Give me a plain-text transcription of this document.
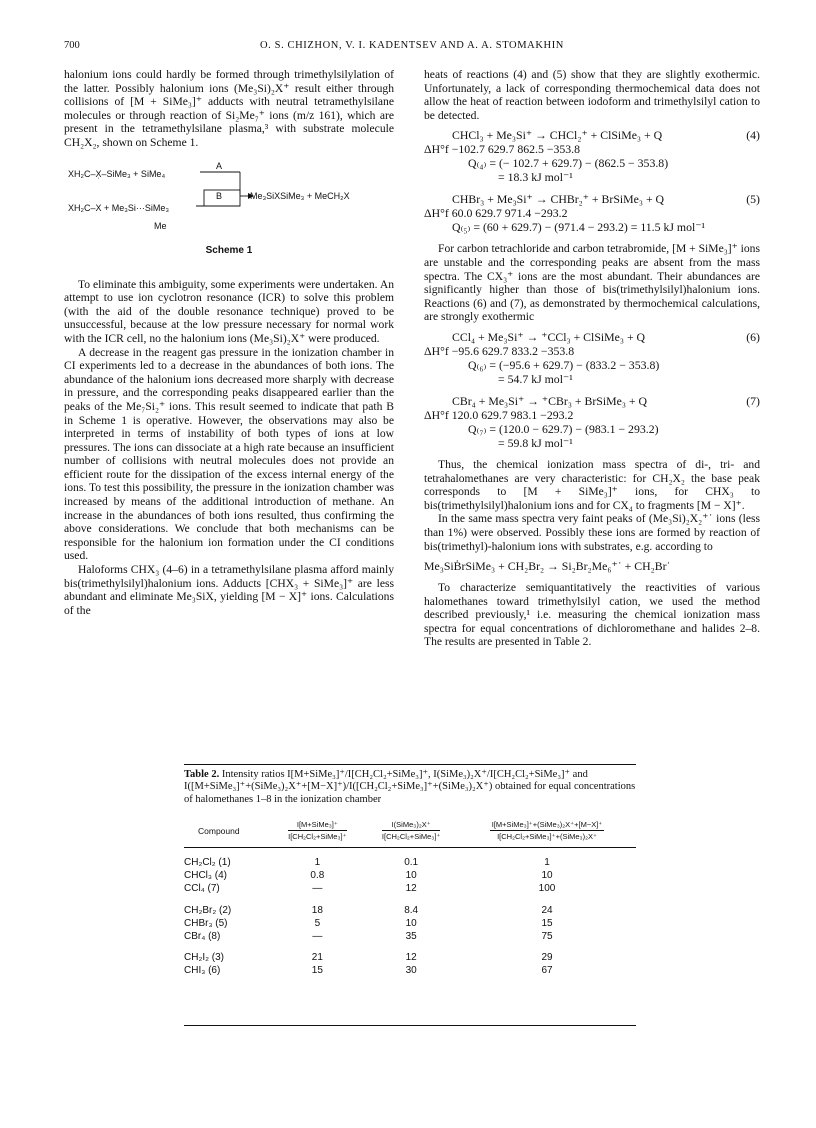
700	O. S. CHIZHON, V. I. KADENTSEV AND A. A. STOMAKHIN

halonium ions could hardly be formed through trimethylsilylation of the latter. Possibly halonium ions (Me₃Si)₂X⁺ result either through collisions of [M + SiMe₃]⁺ adducts with neutral tetramethylsilane molecules or through reaction of Si₂Me₇⁺ ions (m/z 161), which are present in the tetramethylsilane plasma,³ with substrate molecule CH₂X₂, shown on Scheme 1.

XH₂C–X̣–SiMe₃ + SiMe₄
XH₂C–X + Me₃Si···SiMe₃
Me
A
B	Me₃SiXSiMe₃ + MeCH₂X
Scheme 1

To eliminate this ambiguity, some experiments were undertaken. An attempt to use ion cyclotron resonance (ICR) to solve this problem (with the aid of the double resonance technique) proved to be unsuccessful, because at the low pressure necessary for normal work with the ICR cell, no the halonium ions (Me₃Si)₂X⁺ were produced.

A decrease in the reagent gas pressure in the ionization chamber in CI experiments led to a decrease in the abundances of both ions. The abundance of the halonium ions decreased more sharply with decrease in pressure, and the corresponding peaks disappeared earlier than the peaks of the Me₇Si₂⁺ ions. This result seemed to indicate that path B in Scheme 1 is operative. However, the observations may also be interpreted in terms of instability of both types of ions at low pressures. The ions can dissociate at a high rate because an insufficient number of collisions with neutral molecules does not provide an efficient route for the dissipation of the excess internal energy of the ions. To test this possibility, the pressure in the ionization chamber was increased by means of the additional introduction of methane. An increase in the abundances of both ions resulted, thus confirming the above considerations. We conclude that both mechanisms can be responsible for the halonium ion formation under the CI conditions used.

Haloforms CHX₃ (4–6) in a tetramethylsilane plasma afford mainly bis(trimethylsilyl)halonium ions. Adducts [CHX₃ + SiMe₃]⁺ are less abundant and eliminate Me₃SiX, yielding [M − X]⁺ ions. Calculations of the

heats of reactions (4) and (5) show that they are slightly exothermic. Unfortunately, a lack of corresponding thermochemical data does not allow the heat of reaction between iodoform and trimethylsilyl cation to be detected.

CHCl₃ + Me₃Si⁺ → CHCl₂⁺ + ClSiMe₃ + Q	(4)
ΔH°f −102.7 629.7 862.5 −353.8
Q₍₄₎ = (− 102.7 + 629.7) − (862.5 − 353.8)
= 18.3 kJ mol⁻¹
CHBr₃ + Me₃Si⁺ → CHBr₂⁺ + BrSiMe₃ + Q	(5)
ΔH°f 60.0 629.7 971.4 −293.2
Q₍₅₎ = (60 + 629.7) − (971.4 − 293.2) = 11.5 kJ mol⁻¹

For carbon tetrachloride and carbon tetrabromide, [M + SiMe₃]⁺ ions are unstable and the corresponding peaks are absent from the mass spectra. The CX₃⁺ ions are the most abundant. Their abundances are significantly higher than those of bis(trimethylsilyl)halonium ions. Reactions (6) and (7), as demonstrated by thermochemical calculations, are strongly exothermic

CCl₄ + Me₃Si⁺ → ⁺CCl₃ + ClSiMe₃ + Q	(6)
ΔH°f −95.6 629.7 833.2 −353.8
Q₍₆₎ = (−95.6 + 629.7) − (833.2 − 353.8)
= 54.7 kJ mol⁻¹
CBr₄ + Me₃Si⁺ → ⁺CBr₃ + BrSiMe₃ + Q	(7)
ΔH°f 120.0 629.7 983.1 −293.2
Q₍₇₎ = (120.0 − 629.7) − (983.1 − 293.2)
= 59.8 kJ mol⁻¹

Thus, the chemical ionization mass spectra of di-, tri- and tetrahalomethanes are very characteristic: for CH₂X₂ the base peak corresponds to [M + SiMe₃]⁺ ions, for CHX₃ to bis(trimethylsilyl)halonium ions and for CX₄ to fragments [M − X]⁺.

In the same mass spectra very faint peaks of (Me₃Si)₂X₂⁺˙ ions (less than 1%) were observed. Possibly these ions are formed by reaction of bis(trimethyl)-halonium ions with substrates, e.g. according to

Me₃SiḂrSiMe₃ + CH₂Br₂ → Si₂Br₂Me₆⁺˙ + CH₂Br˙

To characterize semiquantitatively the reactivities of various halomethanes toward trimethylsilyl cation, we used the method described previously,¹ i.e. measuring the chemical ionization mass spectra for equal concentrations of dichloromethane and halides 2–8. The results are presented in Table 2.

Table 2. Intensity ratios I[M+SiMe₃]⁺/I[CH₂Cl₂+SiMe₃]⁺, I(SiMe₃)₂X⁺/I[CH₂Cl₂+SiMe₃]⁺ and I([M+SiMe₃]⁺+(SiMe₃)₂X⁺+[M−X]⁺)/I([CH₂Cl₂+SiMe₃]⁺+(SiMe₃)₂X⁺) obtained for equal concentrations of halomethanes 1–8 in the ionization chamber
Compound	$\frac{\text{I[M+SiMe₃]⁺}}{\text{I[CH₂Cl₂+SiMe₃]⁺}}$	$\frac{\text{I(SiMe₃)₂X⁺}}{\text{I[CH₂Cl₂+SiMe₃]⁺}}$	$\frac{\text{I[M+SiMe₃]⁺+(SiMe₃)₂X⁺+[M−X]⁺}}{\text{I[CH₂Cl₂+SiMe₃]⁺+(SiMe₃)₂X⁺}}$

CH₂Cl₂ (1)	1	0.1	1
CHCl₃ (4)	0.8	10	10
CCl₄ (7)	—	12	100
CH₂Br₂ (2)	18	8.4	24
CHBr₃ (5)	5	10	15
CBr₄ (8)	—	35	75
CH₂I₂ (3)	21	12	29
CHI₃ (6)	15	30	67
